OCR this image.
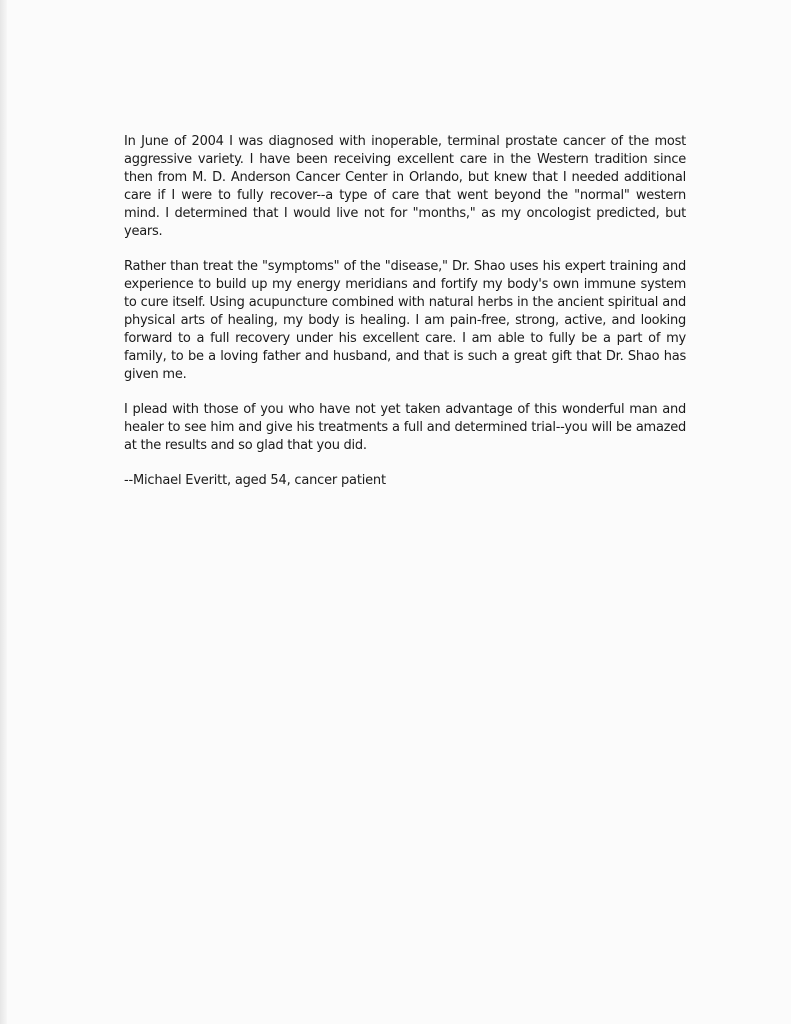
In June of 2004 I was diagnosed with inoperable, terminal prostate cancer of the most aggressive variety. I have been receiving excellent care in the Western tradition since then from M. D. Anderson Cancer Center in Orlando, but knew that I needed additional care if I were to fully recover--a type of care that went beyond the "normal" western mind. I determined that I would live not for "months," as my oncologist predicted, but years.

Rather than treat the "symptoms" of the "disease," Dr. Shao uses his expert training and experience to build up my energy meridians and fortify my body's own immune system to cure itself. Using acupuncture combined with natural herbs in the ancient spiritual and physical arts of healing, my body is healing. I am pain-free, strong, active, and looking forward to a full recovery under his excellent care. I am able to fully be a part of my family, to be a loving father and husband, and that is such a great gift that Dr. Shao has given me.

I plead with those of you who have not yet taken advantage of this wonderful man and healer to see him and give his treatments a full and determined trial--you will be amazed at the results and so glad that you did.

--Michael Everitt, aged 54, cancer patient
